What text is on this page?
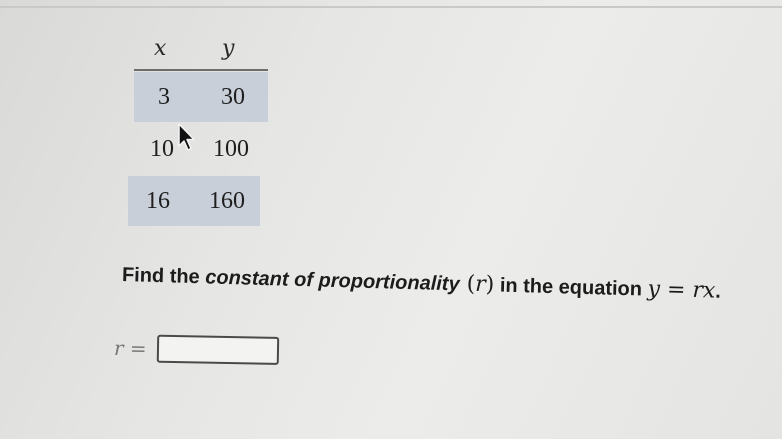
𝑥	𝑦
3	30
10	100
16	160
Find the constant of proportionality (𝑟) in the equation 𝑦 = 𝑟𝑥.
𝑟 =
